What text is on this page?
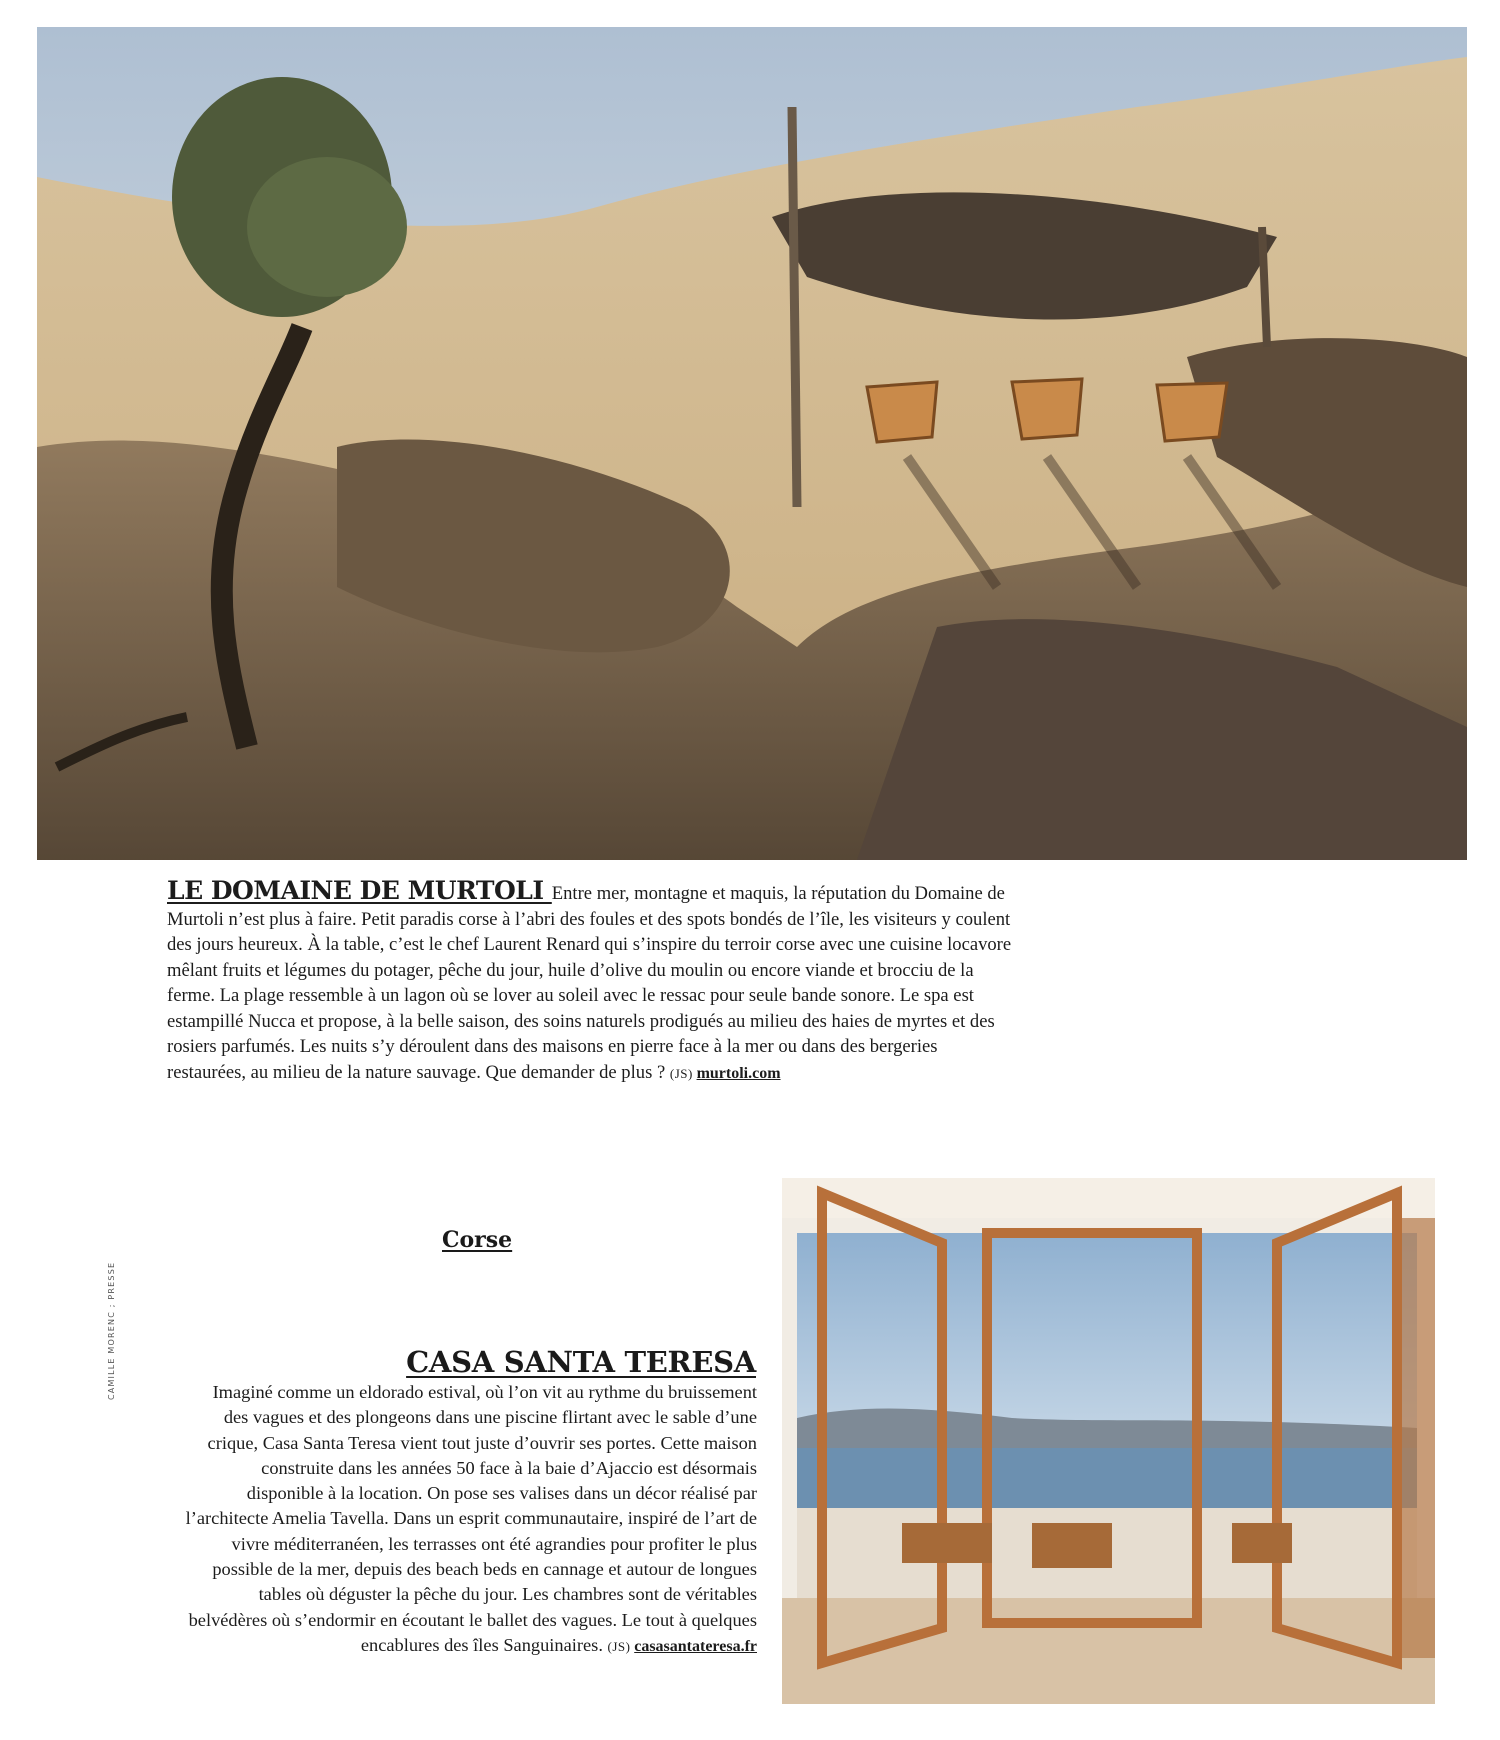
LE DOMAINE DE MURTOLI Entre mer, montagne et maquis, la réputation du Domaine de Murtoli n’est plus à faire. Petit paradis corse à l’abri des foules et des spots bondés de l’île, les visiteurs y coulent des jours heureux. À la table, c’est le chef Laurent Renard qui s’inspire du terroir corse avec une cuisine locavore mêlant fruits et légumes du potager, pêche du jour, huile d’olive du moulin ou encore viande et brocciu de la ferme. La plage ressemble à un lagon où se lover au soleil avec le ressac pour seule bande sonore. Le spa est estampillé Nucca et propose, à la belle saison, des soins naturels prodigués au milieu des haies de myrtes et des rosiers parfumés. Les nuits s’y déroulent dans des maisons en pierre face à la mer ou dans des bergeries restaurées, au milieu de la nature sauvage. Que demander de plus ? (JS) murtoli.com
Corse
CAMILLE MORENC ; PRESSE	CASA SANTA TERESA
Imaginé comme un eldorado estival, où l’on vit au rythme du bruissement des vagues et des plongeons dans une piscine flirtant avec le sable d’une crique, Casa Santa Teresa vient tout juste d’ouvrir ses portes. Cette maison construite dans les années 50 face à la baie d’Ajaccio est désormais disponible à la location. On pose ses valises dans un décor réalisé par l’architecte Amelia Tavella. Dans un esprit communautaire, inspiré de l’art de vivre méditerranéen, les terrasses ont été agrandies pour profiter le plus possible de la mer, depuis des beach beds en cannage et autour de longues tables où déguster la pêche du jour. Les chambres sont de véritables belvédères où s’endormir en écoutant le ballet des vagues. Le tout à quelques encablures des îles Sanguinaires. (JS) casasantateresa.fr
